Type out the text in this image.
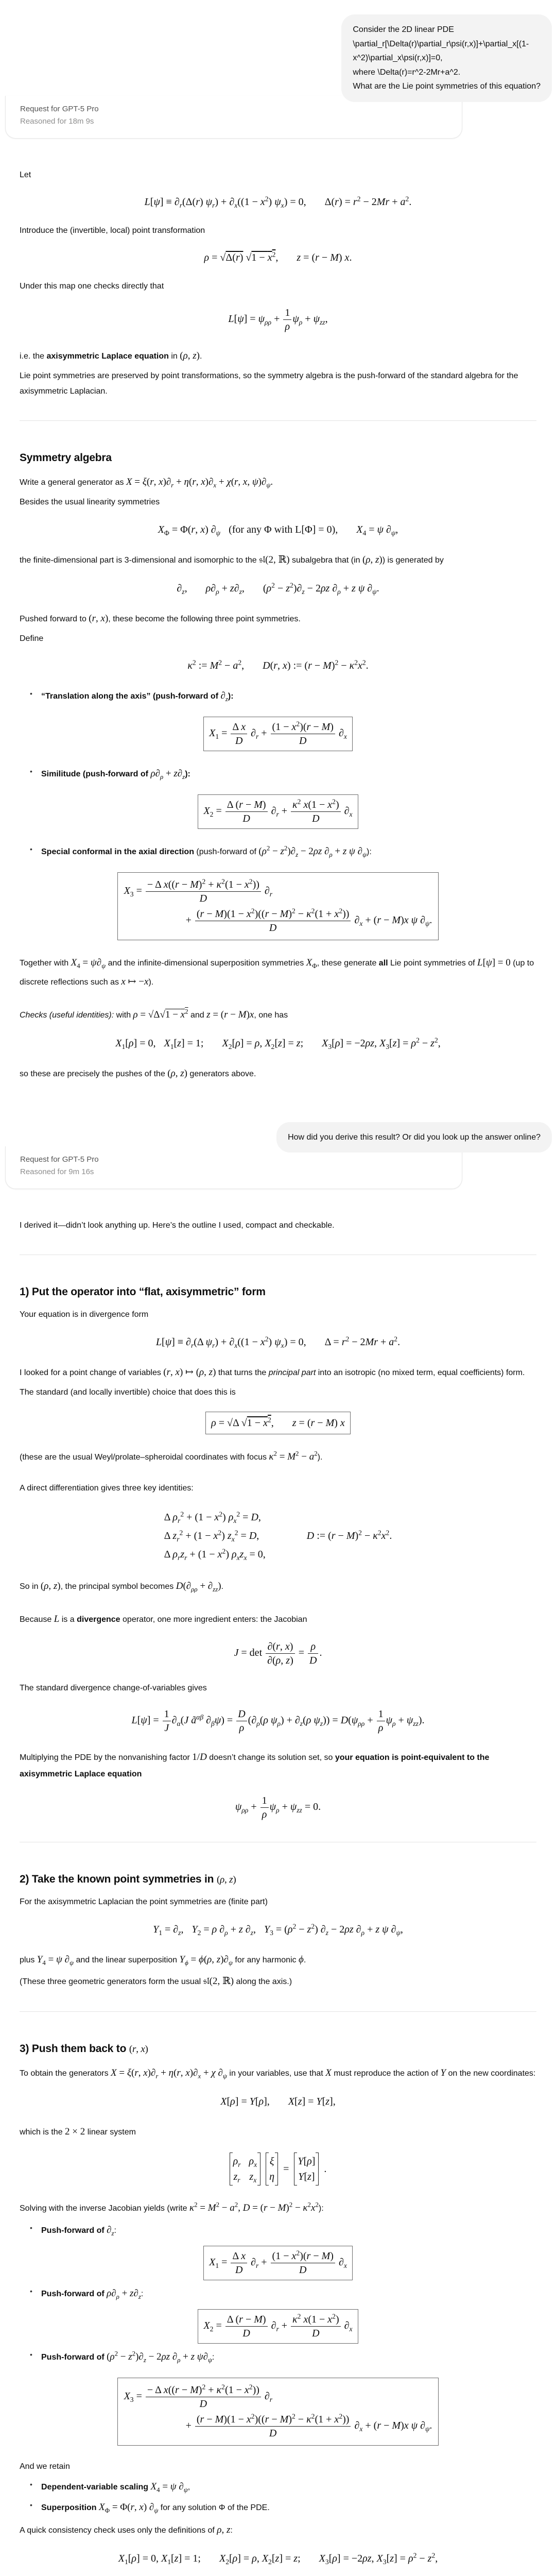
Consider the 2D linear PDE
\partial_r[\Delta(r)\partial_r\psi(r,x)]+\partial_x[(1-
x^2)\partial_x\psi(r,x)]=0,
where \Delta(r)=r^2-2Mr+a^2.
What are the Lie point symmetries of this equation?
Request for GPT-5 Pro
Reasoned for 18m 9s

Let

$L[\psi] \equiv \partial_r(\Delta(r) \psi_r) + \partial_x((1 - x^2) \psi_x) = 0$, $\Delta(r) = r^2 - 2Mr + a^2$.

Introduce the (invertible, local) point transformation

ρ = √Δ(r) $√1 - x^2$, z = (r − M) x.

Under this map one checks directly that

$L[\psi] = \psi_{\rho\rho} + \frac{1}{\rho} \psi_\rho + \psi_{zz}$,

i.e. the axisymmetric Laplace equation in (ρ, z).

Lie point symmetries are preserved by point transformations, so the symmetry algebra is the push-forward of the standard algebra for the axisymmetric Laplacian.

Symmetry algebra

Write a general generator as X = ξ(r, $x)\partial_r + \eta(r$, $x)\partial_x + \chi(r$, x, $\psi)\partial_\psi$.

Besides the usual linearity symmetries

$X_\Phi = \Phi(r$, x) $\partial_\psi$ (for any Φ with L[Φ] = 0), $X_4 = \psi$ $\partial_\psi$,

the finite-dimensional part is 3-dimensional and isomorphic to the 𝔰𝔩(2, ℝ) subalgebra that (in (ρ, z)) is generated by

$\partial_z$, $\rho\partial_\rho + z\partial_z$, $(\rho^2 - z^2)\partial_z - 2\rho z$ $\partial_\rho + z$ ψ $\partial_\psi$.

Pushed forward to (r, x), these become the following three point symmetries.

Define

$\kappa^2$ := $M^2 - a^2$, D(r, x) := $(r - M)^2 - \kappa^2x^2$.
• “Translation along the axis” (push-forward of $\partial_z$):
$X_1 = \frac{\text{Δ x}}{D} \partial_r + \frac{(1 - x^2)(r - M)}{D} \partial_x$
• Similitude (push-forward of $\rho\partial_\rho + z\partial_z$):
$X_2 = \frac{\Delta (r - M)}{D} \partial_r + \frac{\kappa^2 x(1 - x^2)}{D} \partial_x$
• Special conformal in the axial direction (push-forward of $(\rho^2 - z^2)\partial_z - 2\rho z$ $\partial_\rho + z$ ψ $\partial_\psi$):
$X_3 = \frac{- \Delta x((r - M)^2 + \kappa^2(1 - x^2))}{D} \partial_r$
+ $\frac{(r - M)(1 - x^2)((r - M)^2 - \kappa^2(1 + x^2))}{D} \partial_x + (r - M)x$ ψ $\partial_\psi$.

Together with $X_4 = \psi\partial_\psi$ and the infinite-dimensional superposition symmetries $X_\Phi$, these generate all Lie point symmetries of L[ψ] = 0 (up to discrete reflections such as x ↦ −x).

Checks (useful identities): with $\rho = √\Delta√1 - x^2$ and z = (r − M)x, one has

$X_1[\rho] = 0$, $X_1[z] = 1$; $X_2[\rho] = \rho$, $X_2[z] = z$; $X_3[\rho] = -2\rho z$, $X_3[z] = \rho^2 - z^2$,

so these are precisely the pushes of the (ρ, z) generators above.

How did you derive this result? Or did you look up the answer online?
Request for GPT-5 Pro
Reasoned for 9m 16s

I derived it—didn’t look anything up. Here’s the outline I used, compact and checkable.

1) Put the operator into “flat, axisymmetric” form

Your equation is in divergence form

$L[\psi] \equiv \partial_r(\Delta$ $\psi_r) + \partial_x((1 - x^2) \psi_x) = 0$, $\Delta = r^2 - 2Mr + a^2$.

I looked for a point change of variables (r, x) ↦ (ρ, z) that turns the principal part into an isotropic (no mixed term, equal coefficients) form.

The standard (and locally invertible) choice that does this is

ρ = √Δ $√1 - x^2$, z = (r − M) x

(these are the usual Weyl/prolate–spheroidal coordinates with focus $\kappa^2 = M^2 - a^2$).

A direct differentiation gives three key identities:

Δ $\rho_r^2 + (1 - x^2) \rho_x^2 = D$,
Δ $z_r^2 + (1 - x^2) z_x^2 = D$,
Δ $\rho_rz_r + (1 - x^2) \rho_xz_x = 0$,
D := $(r - M)^2 - \kappa^2x^2$.

So in (ρ, z), the principal symbol becomes $D(\partial_{\rho\rho} + \partial_{zz})$.

Because L is a divergence operator, one more ingredient enters: the Jacobian

$J = \det \frac{\partial(r, x)}{\partial(\rho, z)} = \frac{\rho}{D}$ .

The standard divergence change-of-variables gives

$L[\psi] = \frac{1}{J} \partial_\alpha(J$ $ã^{\alpha\beta}$ $\partial_\beta\psi) = \frac{D}{\rho} (\partial_\rho(\rho$ $\psi_\rho) + \partial_z(\rho$ $\psi_z)) = D(\psi_{\rho\rho} + \frac{1}{\rho} \psi_\rho + \psi_{zz})$.

Multiplying the PDE by the nonvanishing factor 1/D doesn’t change its solution set, so your equation is point-equivalent to the axisymmetric Laplace equation

$\psi_{\rho\rho} + \frac{1}{\rho} \psi_\rho + \psi_{zz} = 0$.
2) Take the known point symmetries in (ρ, z)

For the axisymmetric Laplacian the point symmetries are (finite part)

$Y_1 = \partial_z$, $Y_2 = \rho$ $\partial_\rho + z$ $\partial_z$, $Y_3 = (\rho^2 - z^2) \partial_z - 2\rho z$ $\partial_\rho + z$ ψ $\partial_\psi$,

plus $Y_4 = \psi$ $\partial_\psi$ and the linear superposition $Y_\phi = \phi(\rho$, $z)\partial_\psi$ for any harmonic ϕ.

(These three geometric generators form the usual 𝔰𝔩(2, ℝ) along the axis.)

3) Push them back to (r, x)

To obtain the generators X = ξ(r, $x)\partial_r + \eta(r$, $x)\partial_x + \chi$ $\partial_\psi$ in your variables, use that X must reproduce the action of Y on the new coordinates:

X[ρ] = Y[ρ], X[z] = Y[z],

which is the 2 × 2 linear system

$\rho_r$ $\rho_x$
$z_r$ $z_x$
ξ
η
=
Y[ρ]
Y[z]
.

Solving with the inverse Jacobian yields (write $\kappa^2 = M^2 - a^2$, $D = (r - M)^2 - \kappa^2x^2$):

• Push-forward of $\partial_z$:
$X_1 = \frac{\text{Δ x}}{D} \partial_r + \frac{(1 - x^2)(r - M)}{D} \partial_x$
• Push-forward of $\rho\partial_\rho + z\partial_z$:
$X_2 = \frac{\Delta (r - M)}{D} \partial_r + \frac{\kappa^2 x(1 - x^2)}{D} \partial_x$
• Push-forward of $(\rho^2 - z^2)\partial_z - 2\rho z$ $\partial_\rho + z$ $\psi\partial_\psi$:
$X_3 = \frac{- \Delta x((r - M)^2 + \kappa^2(1 - x^2))}{D} \partial_r$
+ $\frac{(r - M)(1 - x^2)((r - M)^2 - \kappa^2(1 + x^2))}{D} \partial_x + (r - M)x$ ψ $\partial_\psi$.

And we retain

• Dependent-variable scaling $X_4 = \psi$ $\partial_\psi$,
• Superposition $X_\Phi = \Phi(r$, x) $\partial_\psi$ for any solution Φ of the PDE.

A quick consistency check uses only the definitions of ρ, z:

$X_1[\rho] = 0$, $X_1[z] = 1$; $X_2[\rho] = \rho$, $X_2[z] = z$; $X_3[\rho] = -2\rho z$, $X_3[z] = \rho^2 - z^2$,
